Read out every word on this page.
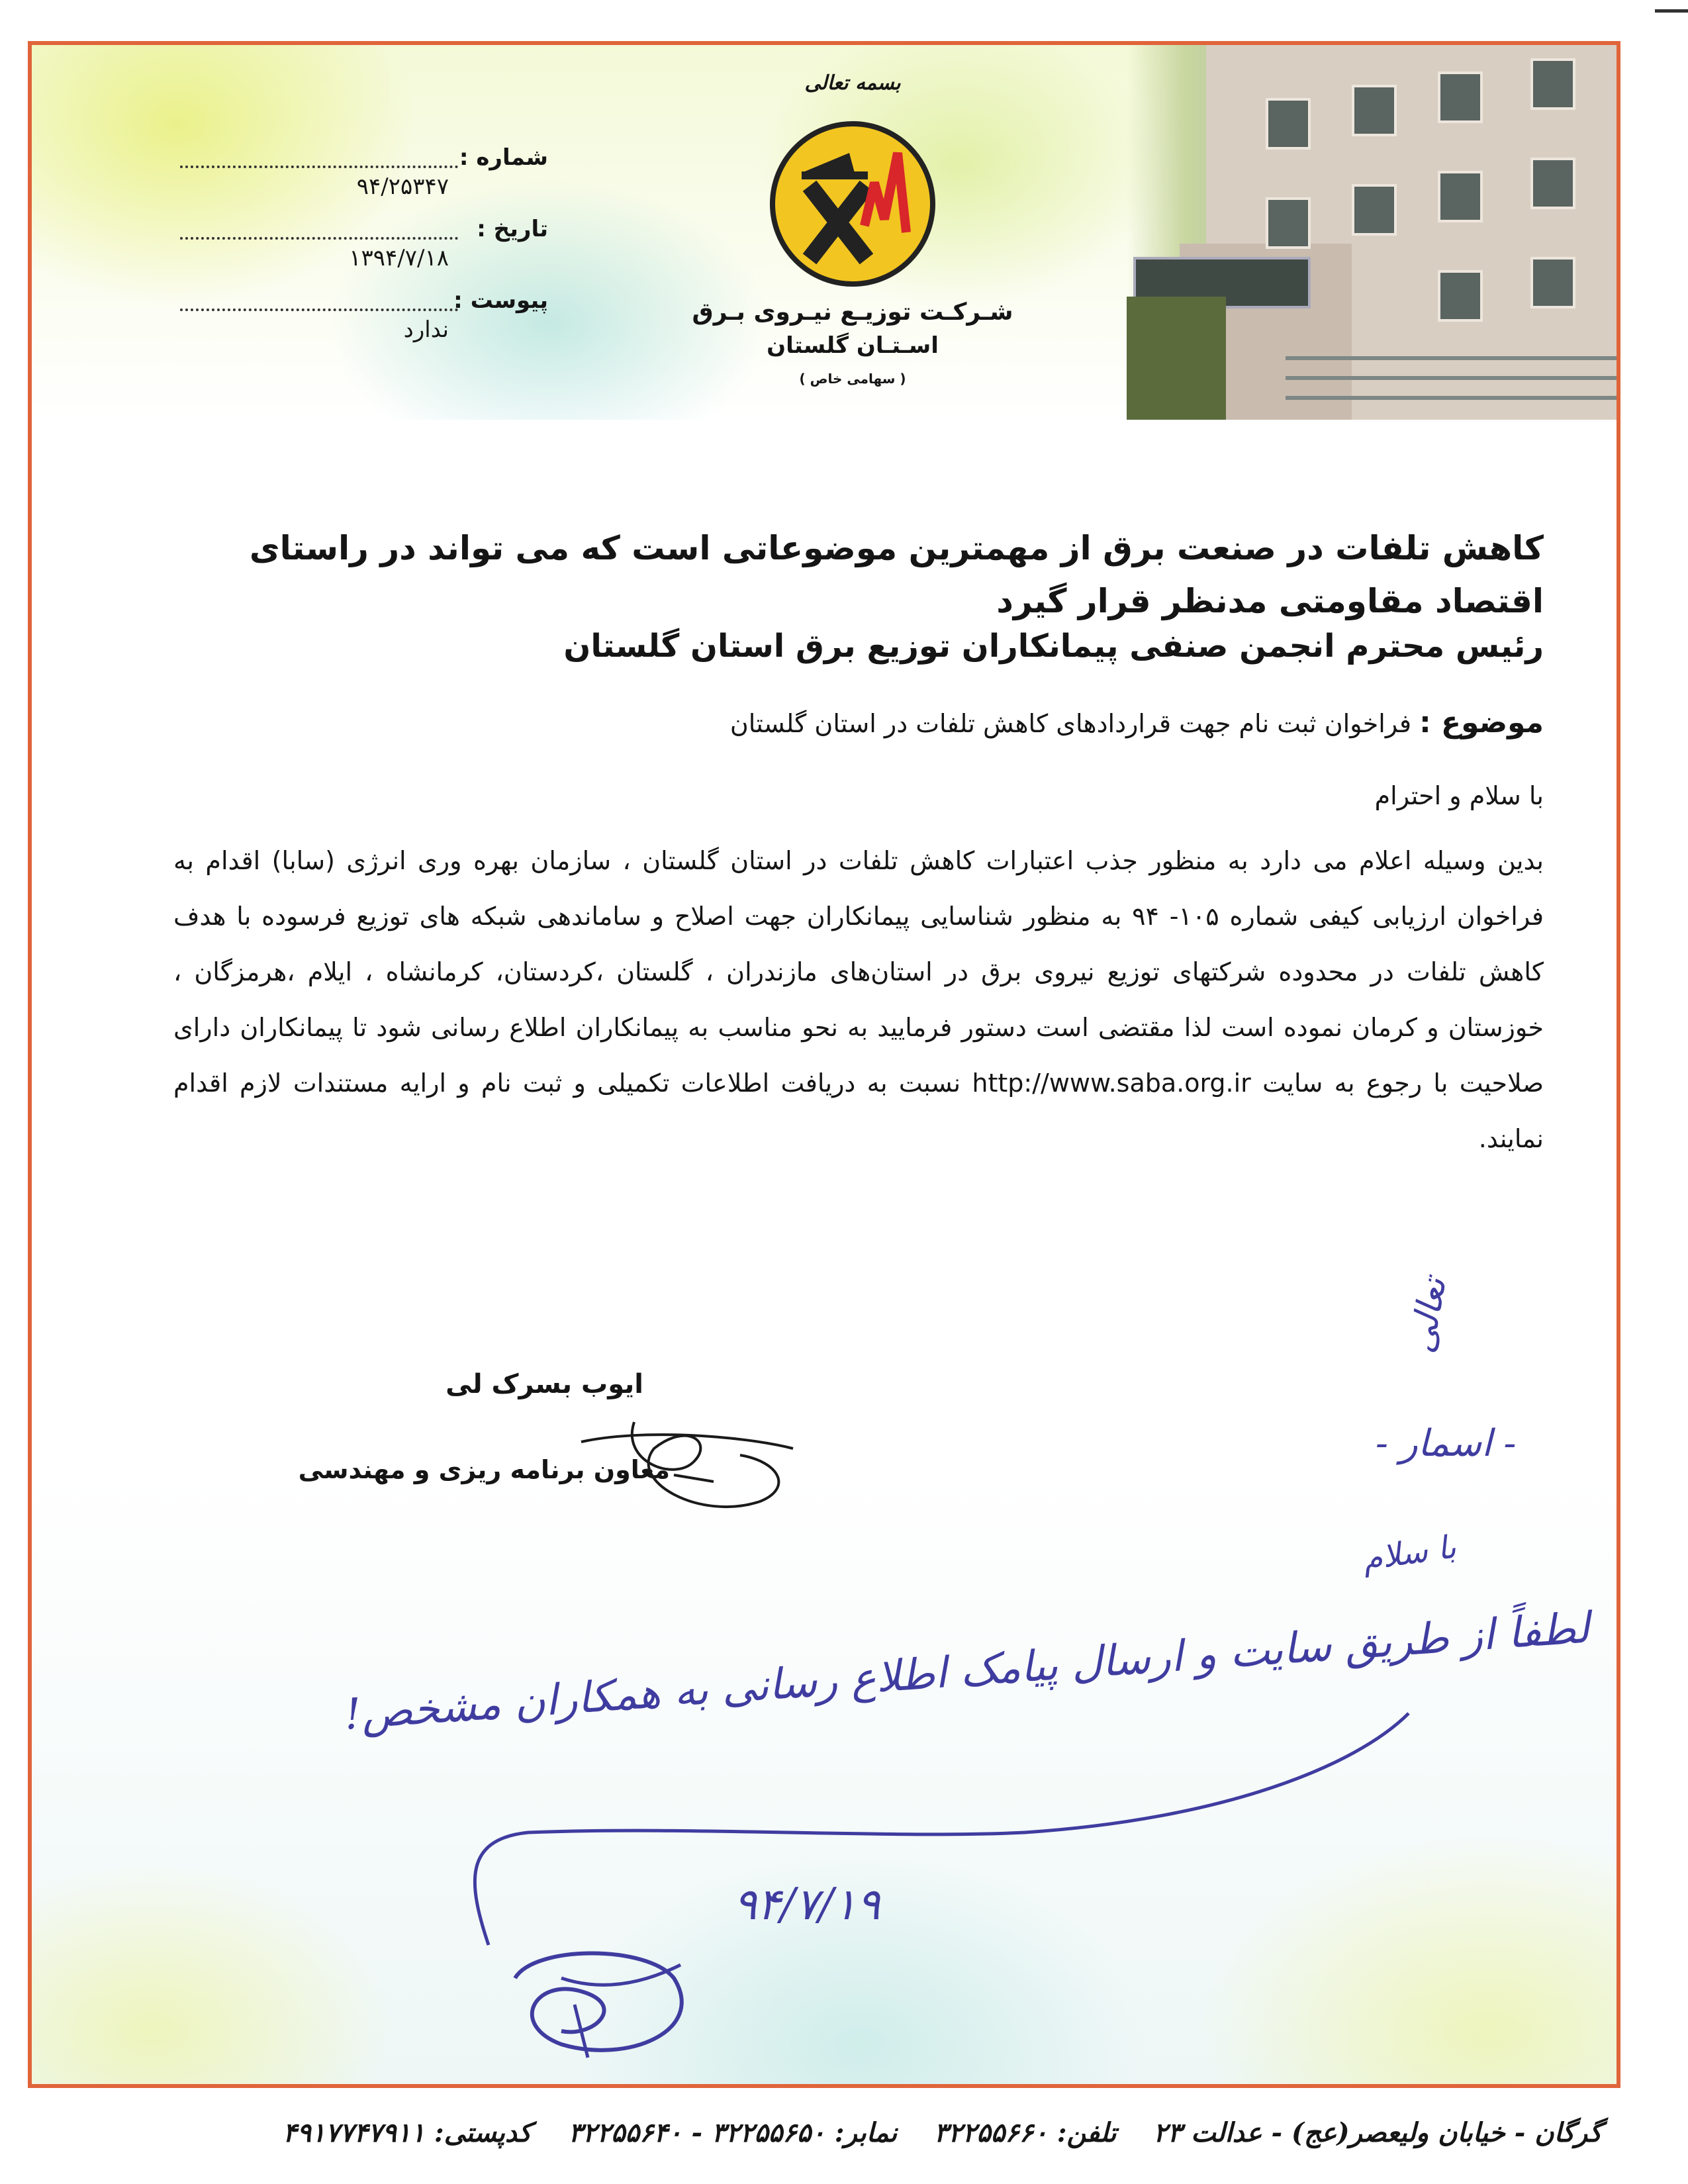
شماره :
۹۴/۲۵۳۴۷
تاریخ :
۱۳۹۴/۷/۱۸
پیوست :
ندارد
بسمه تعالی
شـرکـت توزیـع نیـروی بـرق
اسـتـان گلستان
( سهامی خاص )
کاهش تلفات در صنعت برق از مهمترین موضوعاتی است که می تواند در راستای اقتصاد مقاومتی مدنظر قرار گیرد
رئیس محترم انجمن صنفی پیمانکاران توزیع برق استان گلستان
موضوع : فراخوان ثبت نام جهت قراردادهای کاهش تلفات در استان گلستان
با سلام و احترام
بدین وسیله اعلام می دارد به منظور جذب اعتبارات کاهش تلفات در استان گلستان ، سازمان بهره وری انرژی (سابا) اقدام به فراخوان ارزیابی کیفی شماره ۱۰۵- ۹۴ به منظور شناسایی پیمانکاران جهت اصلاح و ساماندهی شبکه های توزیع فرسوده با هدف کاهش تلفات در محدوده شرکتهای توزیع نیروی برق در استان‌های مازندران ، گلستان ،کردستان، کرمانشاه ، ایلام ،هرمزگان ، خوزستان و کرمان نموده است لذا مقتضی است دستور فرمایید به نحو مناسب به پیمانکاران اطلاع رسانی شود تا پیمانکاران دارای صلاحیت با رجوع به سایت http://www.saba.org.ir نسبت به دریافت اطلاعات تکمیلی و ثبت نام و ارایه مستندات لازم اقدام نمایند.
ایوب بسرک لی
معاون برنامه ریزی و مهندسی
تعالی
- اسمار -
با سلام
لطفاً از طریق سایت و ارسال پیامک اطلاع رسانی به همکاران مشخص!
۹۴/۷/۱۹
گرگان - خیابان ولیعصر(عج) - عدالت ۲۳    تلفن: ۳۲۲۵۵۶۶۰    نمابر: ۳۲۲۵۵۶۵۰ - ۳۲۲۵۵۶۴۰    کدپستی: ۴۹۱۷۷۴۷۹۱۱
